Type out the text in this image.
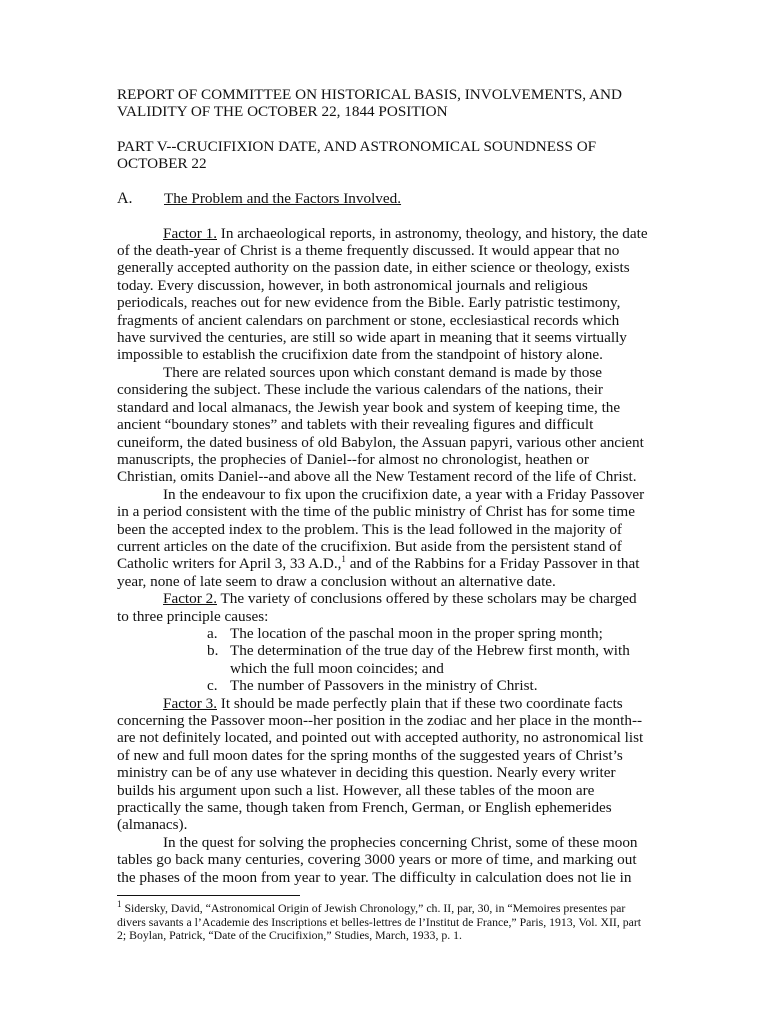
REPORT OF COMMITTEE ON HISTORICAL BASIS, INVOLVEMENTS, AND VALIDITY OF THE OCTOBER 22, 1844 POSITION

PART V--CRUCIFIXION DATE, AND ASTRONOMICAL SOUNDNESS OF OCTOBER 22

A.	The Problem and the Factors Involved.

Factor 1. In archaeological reports, in astronomy, theology, and history, the date of the death-year of Christ is a theme frequently discussed. It would appear that no generally accepted authority on the passion date, in either science or theology, exists today. Every discussion, however, in both astronomical journals and religious periodicals, reaches out for new evidence from the Bible. Early patristic testimony, fragments of ancient calendars on parchment or stone, ecclesiastical records which have survived the centuries, are still so wide apart in meaning that it seems virtually impossible to establish the crucifixion date from the standpoint of history alone.

There are related sources upon which constant demand is made by those considering the subject. These include the various calendars of the nations, their standard and local almanacs, the Jewish year book and system of keeping time, the ancient “boundary stones” and tablets with their revealing figures and difficult cuneiform, the dated business of old Babylon, the Assuan papyri, various other ancient manuscripts, the prophecies of Daniel--for almost no chronologist, heathen or Christian, omits Daniel--and above all the New Testament record of the life of Christ.

In the endeavour to fix upon the crucifixion date, a year with a Friday Passover in a period consistent with the time of the public ministry of Christ has for some time been the accepted index to the problem. This is the lead followed in the majority of current articles on the date of the crucifixion. But aside from the persistent stand of Catholic writers for April 3, 33 A.D.,$^1$ and of the Rabbins for a Friday Passover in that year, none of late seem to draw a conclusion without an alternative date.

Factor 2. The variety of conclusions offered by these scholars may be charged to three principle causes:

a. The location of the paschal moon in the proper spring month;
b. The determination of the true day of the Hebrew first month, with which the full moon coincides; and
c. The number of Passovers in the ministry of Christ.

Factor 3. It should be made perfectly plain that if these two coordinate facts concerning the Passover moon--her position in the zodiac and her place in the month--are not definitely located, and pointed out with accepted authority, no astronomical list of new and full moon dates for the spring months of the suggested years of Christ’s ministry can be of any use whatever in deciding this question. Nearly every writer builds his argument upon such a list. However, all these tables of the moon are practically the same, though taken from French, German, or English ephemerides (almanacs).

In the quest for solving the prophecies concerning Christ, some of these moon tables go back many centuries, covering 3000 years or more of time, and marking out the phases of the moon from year to year. The difficulty in calculation does not lie in

$^1$ Sidersky, David, “Astronomical Origin of Jewish Chronology,” ch. II, par, 30, in “Memoires presentes par divers savants a l’Academie des Inscriptions et belles-lettres de l’Institut de France,” Paris, 1913, Vol. XII, part 2; Boylan, Patrick, “Date of the Crucifixion,” Studies, March, 1933, p. 1.
